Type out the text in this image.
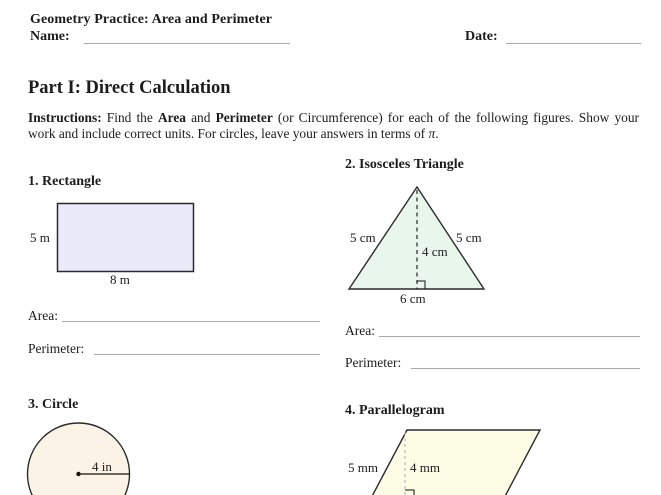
Geometry Practice: Area and Perimeter
Name:	Date:
Part I: Direct Calculation
Instructions: Find the Area and Perimeter (or Circumference) for each of the following figures. Show your work and include correct units. For circles, leave your answers in terms of π.
1. Rectangle
5 m
8 m
Area:
Perimeter:
2. Isosceles Triangle
5 cm	5 cm
4 cm
6 cm
Area:
Perimeter:
3. Circle
4 in
4. Parallelogram
5 mm 4 mm
